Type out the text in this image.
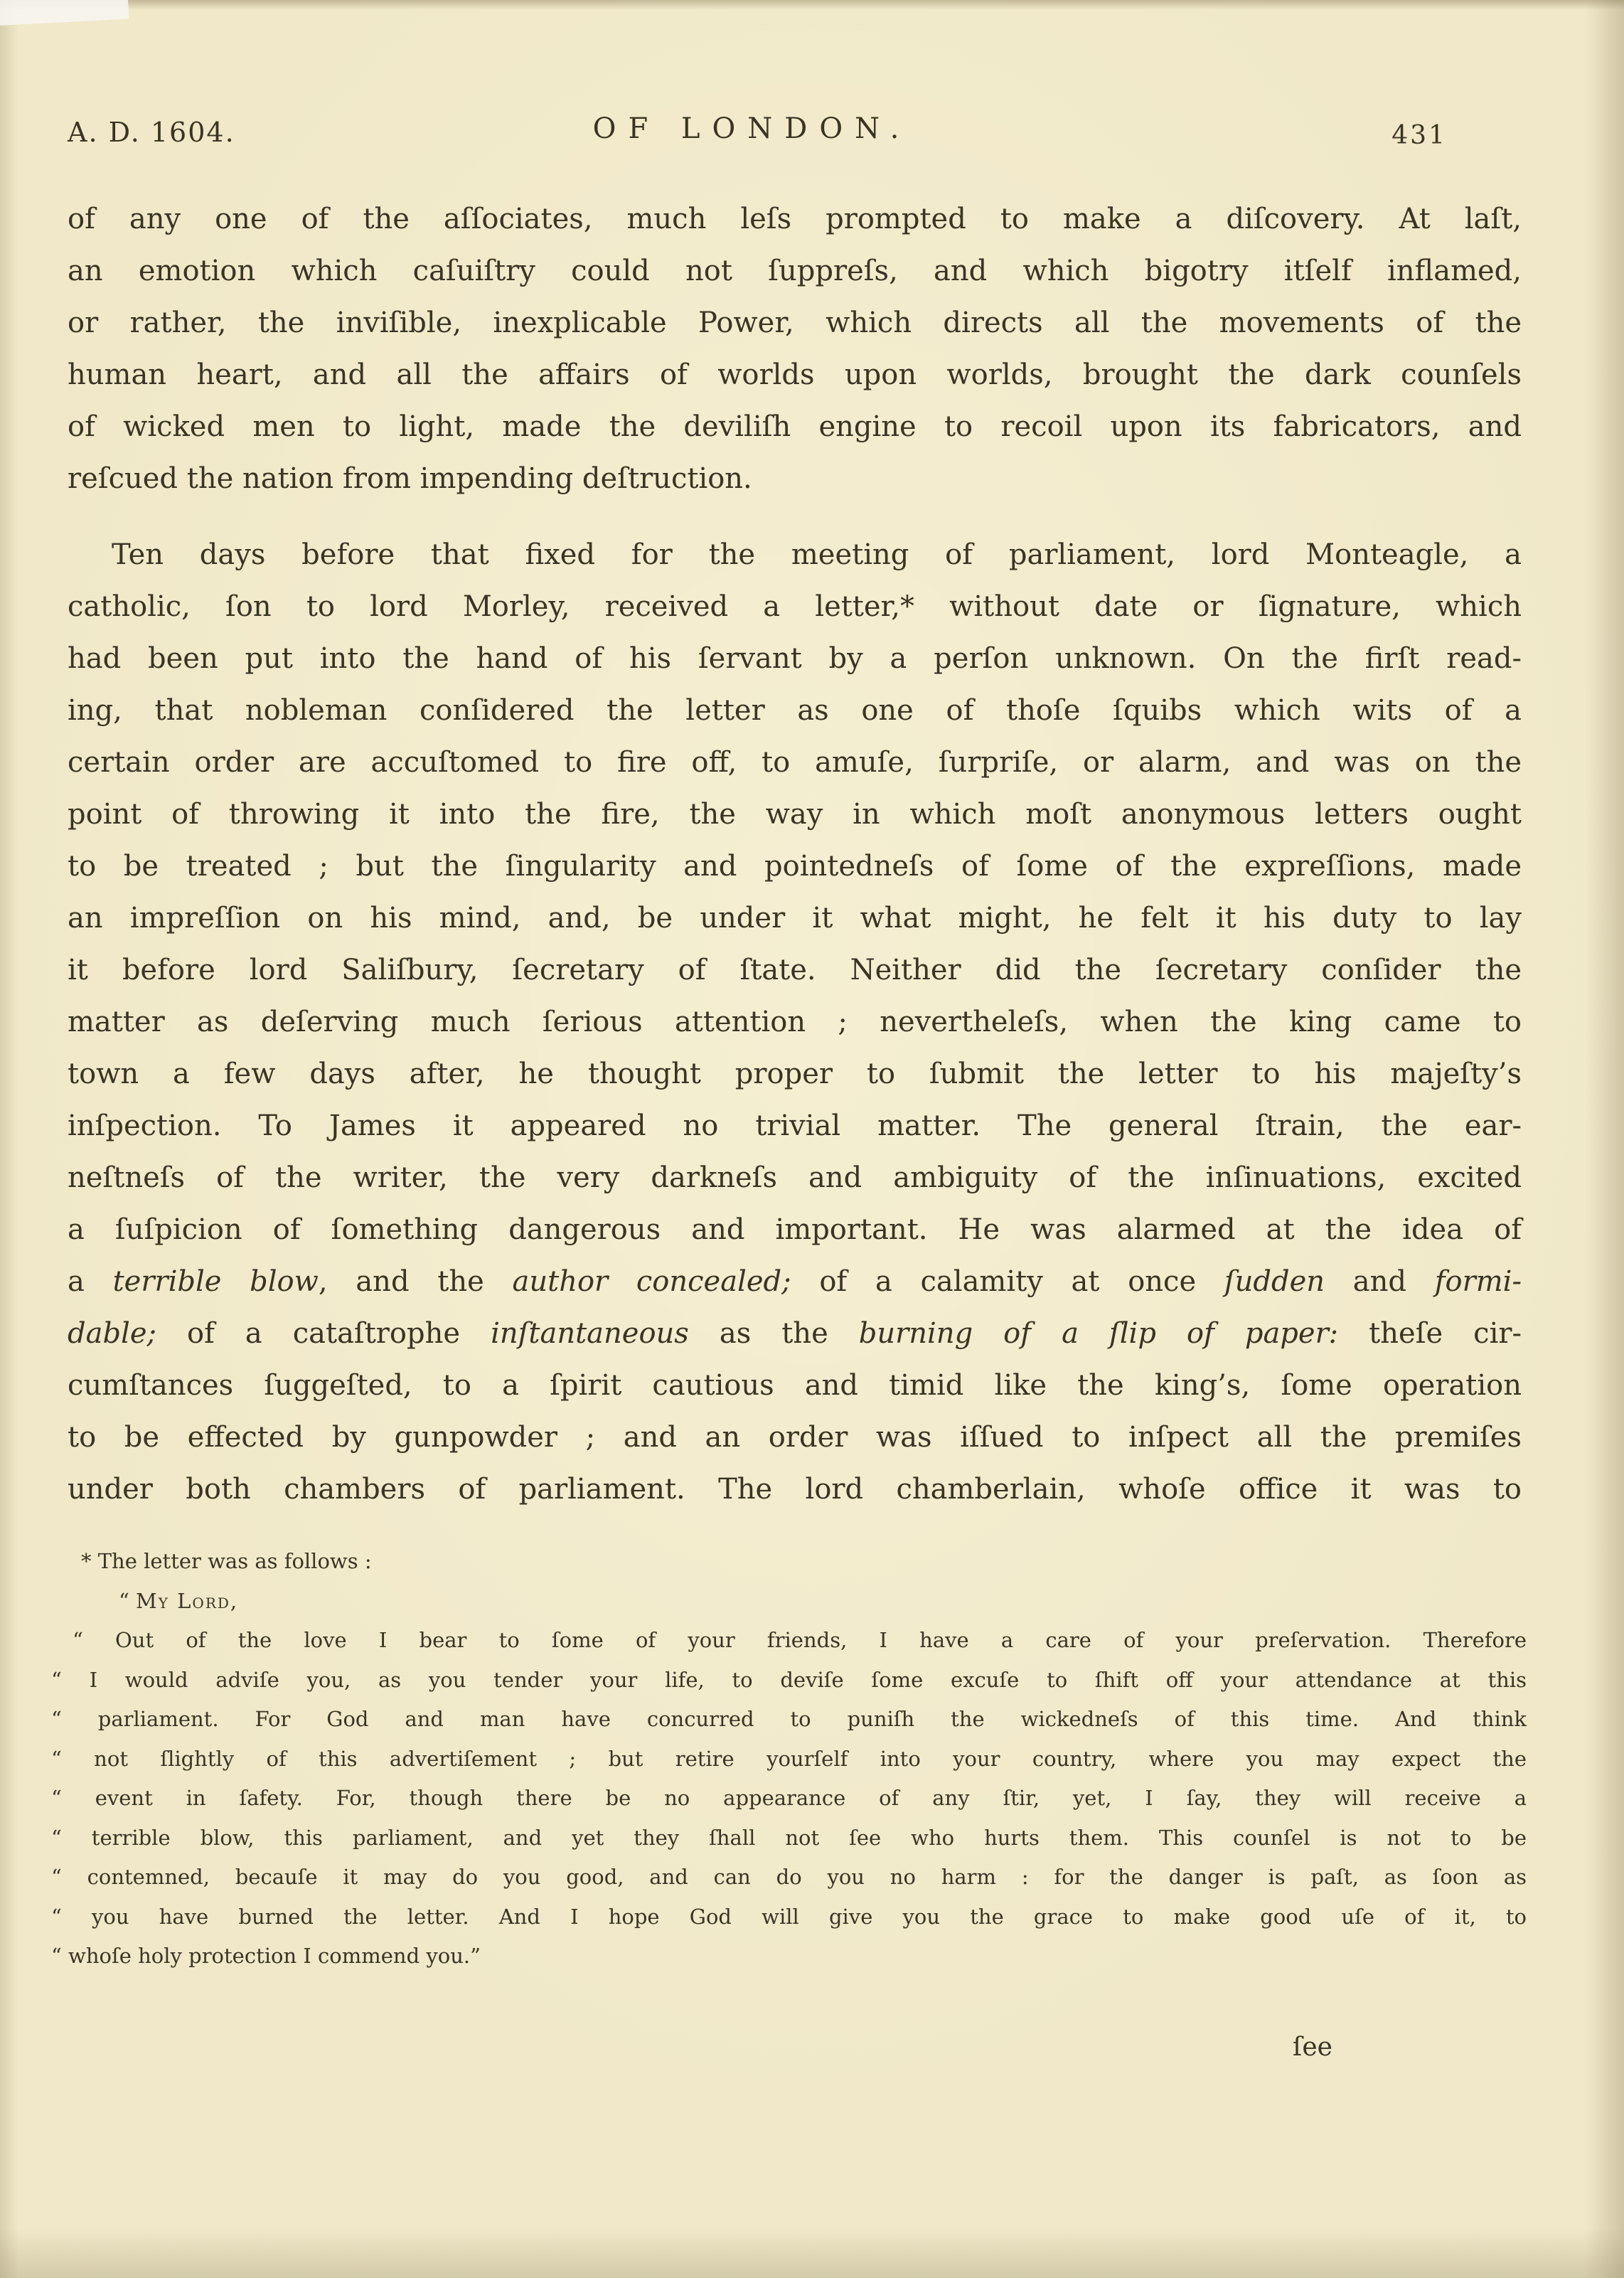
A. D. 1604.	OF LONDON.	431
of any one of the aſſociates, much leſs prompted to make a diſcovery. At laſt,
an emotion which caſuiſtry could not ſuppreſs, and which bigotry itſelf inflamed,
or rather, the inviſible, inexplicable Power, which directs all the movements of the
human heart, and all the affairs of worlds upon worlds, brought the dark counſels
of wicked men to light, made the deviliſh engine to recoil upon its fabricators, and
reſcued the nation from impending deſtruction.
Ten days before that fixed for the meeting of parliament, lord Monteagle, a
catholic, ſon to lord Morley, received a letter,* without date or ſignature, which
had been put into the hand of his ſervant by a perſon unknown. On the firſt read-
ing, that nobleman conſidered the letter as one of thoſe ſquibs which wits of a
certain order are accuſtomed to fire off, to amuſe, ſurpriſe, or alarm, and was on the
point of throwing it into the fire, the way in which moſt anonymous letters ought
to be treated ; but the ſingularity and pointedneſs of ſome of the expreſſions, made
an impreſſion on his mind, and, be under it what might, he felt it his duty to lay
it before lord Saliſbury, ſecretary of ſtate. Neither did the ſecretary conſider the
matter as deſerving much ſerious attention ; nevertheleſs, when the king came to
town a few days after, he thought proper to ſubmit the letter to his majeſty’s
inſpection. To James it appeared no trivial matter. The general ſtrain, the ear-
neſtneſs of the writer, the very darkneſs and ambiguity of the inſinuations, excited
a ſuſpicion of ſomething dangerous and important. He was alarmed at the idea of
a terrible blow, and the author concealed; of a calamity at once ſudden and formi-
dable; of a cataſtrophe inſtantaneous as the burning of a ſlip of paper: theſe cir-
cumſtances ſuggeſted, to a ſpirit cautious and timid like the king’s, ſome operation
to be effected by gunpowder ; and an order was iſſued to inſpect all the premiſes
under both chambers of parliament. The lord chamberlain, whoſe office it was to
* The letter was as follows :
“ My Lord,
“ Out of the love I bear to ſome of your friends, I have a care of your preſervation. Therefore
“ I would adviſe you, as you tender your life, to deviſe ſome excuſe to ſhift off your attendance at this
“ parliament. For God and man have concurred to puniſh the wickedneſs of this time. And think
“ not ſlightly of this advertiſement ; but retire yourſelf into your country, where you may expect the
“ event in ſafety. For, though there be no appearance of any ſtir, yet, I ſay, they will receive a
“ terrible blow, this parliament, and yet they ſhall not ſee who hurts them. This counſel is not to be
“ contemned, becauſe it may do you good, and can do you no harm : for the danger is paſt, as ſoon as
“ you have burned the letter. And I hope God will give you the grace to make good uſe of it, to
“ whoſe holy protection I commend you.”
ſee
